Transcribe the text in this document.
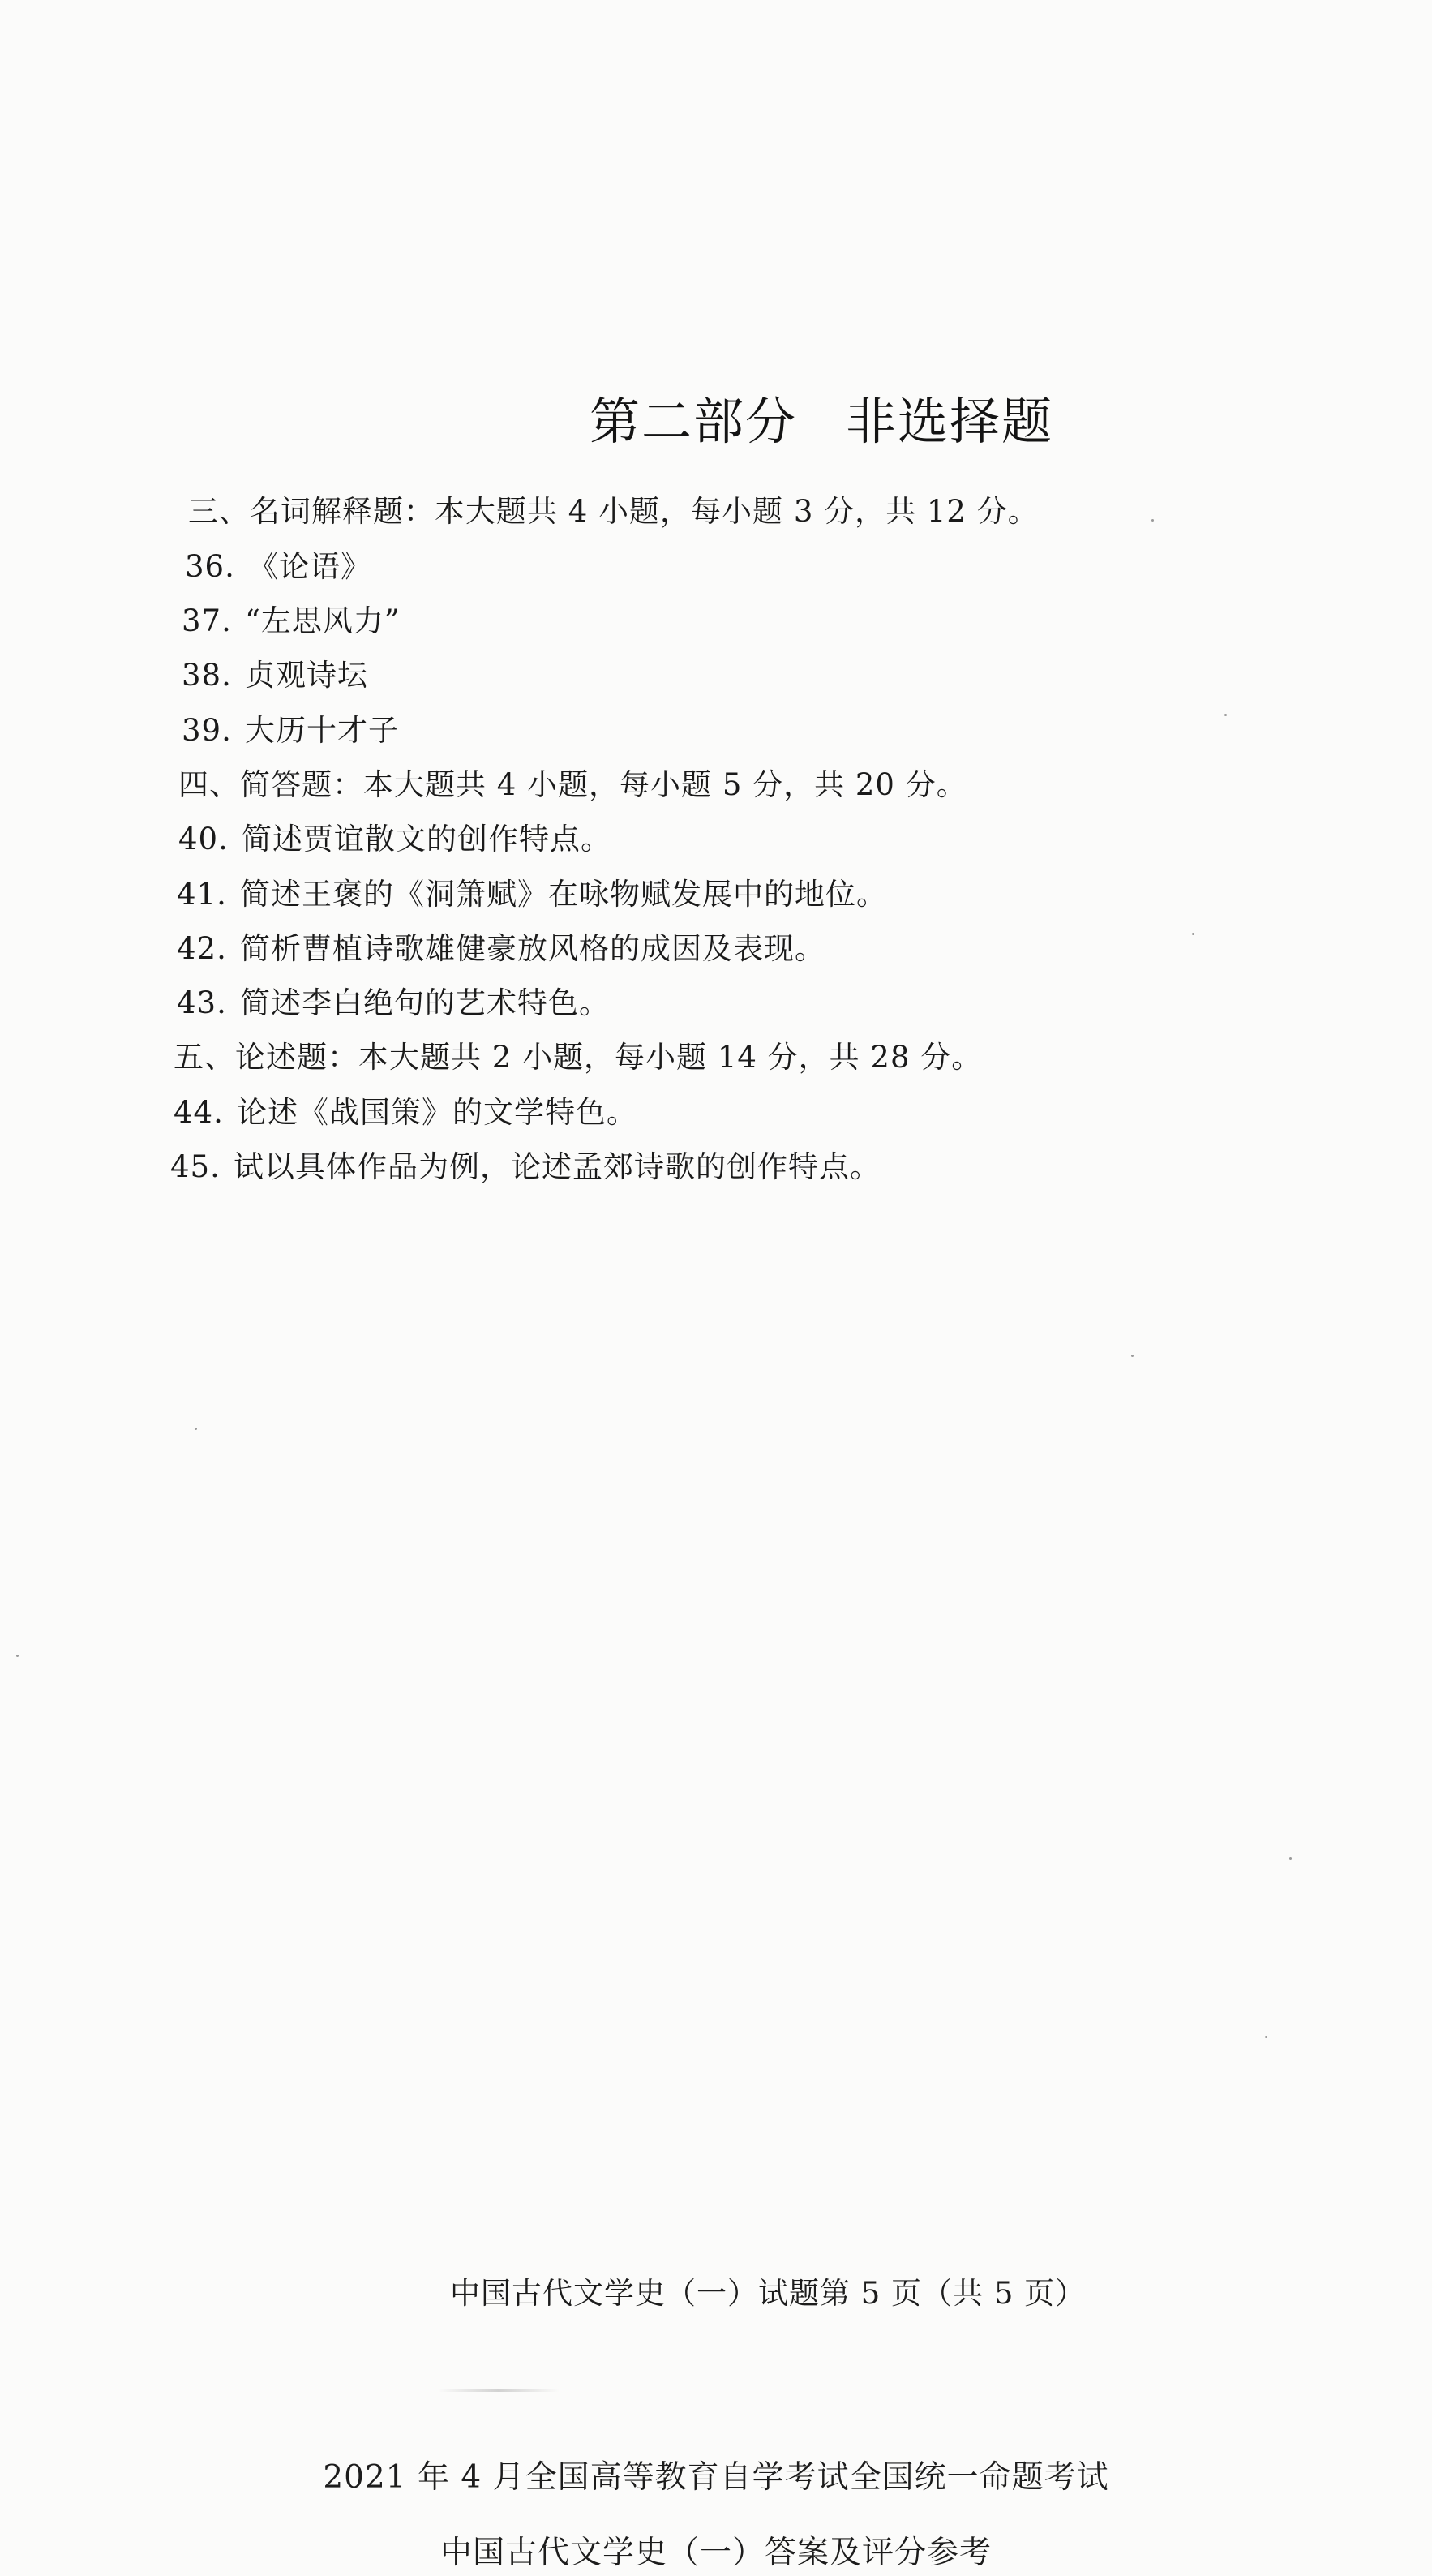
第二部分 非选择题
三、名词解释题：本大题共 4 小题，每小题 3 分，共 12 分。
36. 《论语》
37. “左思风力”
38. 贞观诗坛
39. 大历十才子
四、简答题：本大题共 4 小题，每小题 5 分，共 20 分。
40. 简述贾谊散文的创作特点。
41. 简述王褒的《洞箫赋》在咏物赋发展中的地位。
42. 简析曹植诗歌雄健豪放风格的成因及表现。
43. 简述李白绝句的艺术特色。
五、论述题：本大题共 2 小题，每小题 14 分，共 28 分。
44. 论述《战国策》的文学特色。
45. 试以具体作品为例，论述孟郊诗歌的创作特点。
中国古代文学史（一）试题第 5 页（共 5 页）
2021 年 4 月全国高等教育自学考试全国统一命题考试
中国古代文学史（一）答案及评分参考
